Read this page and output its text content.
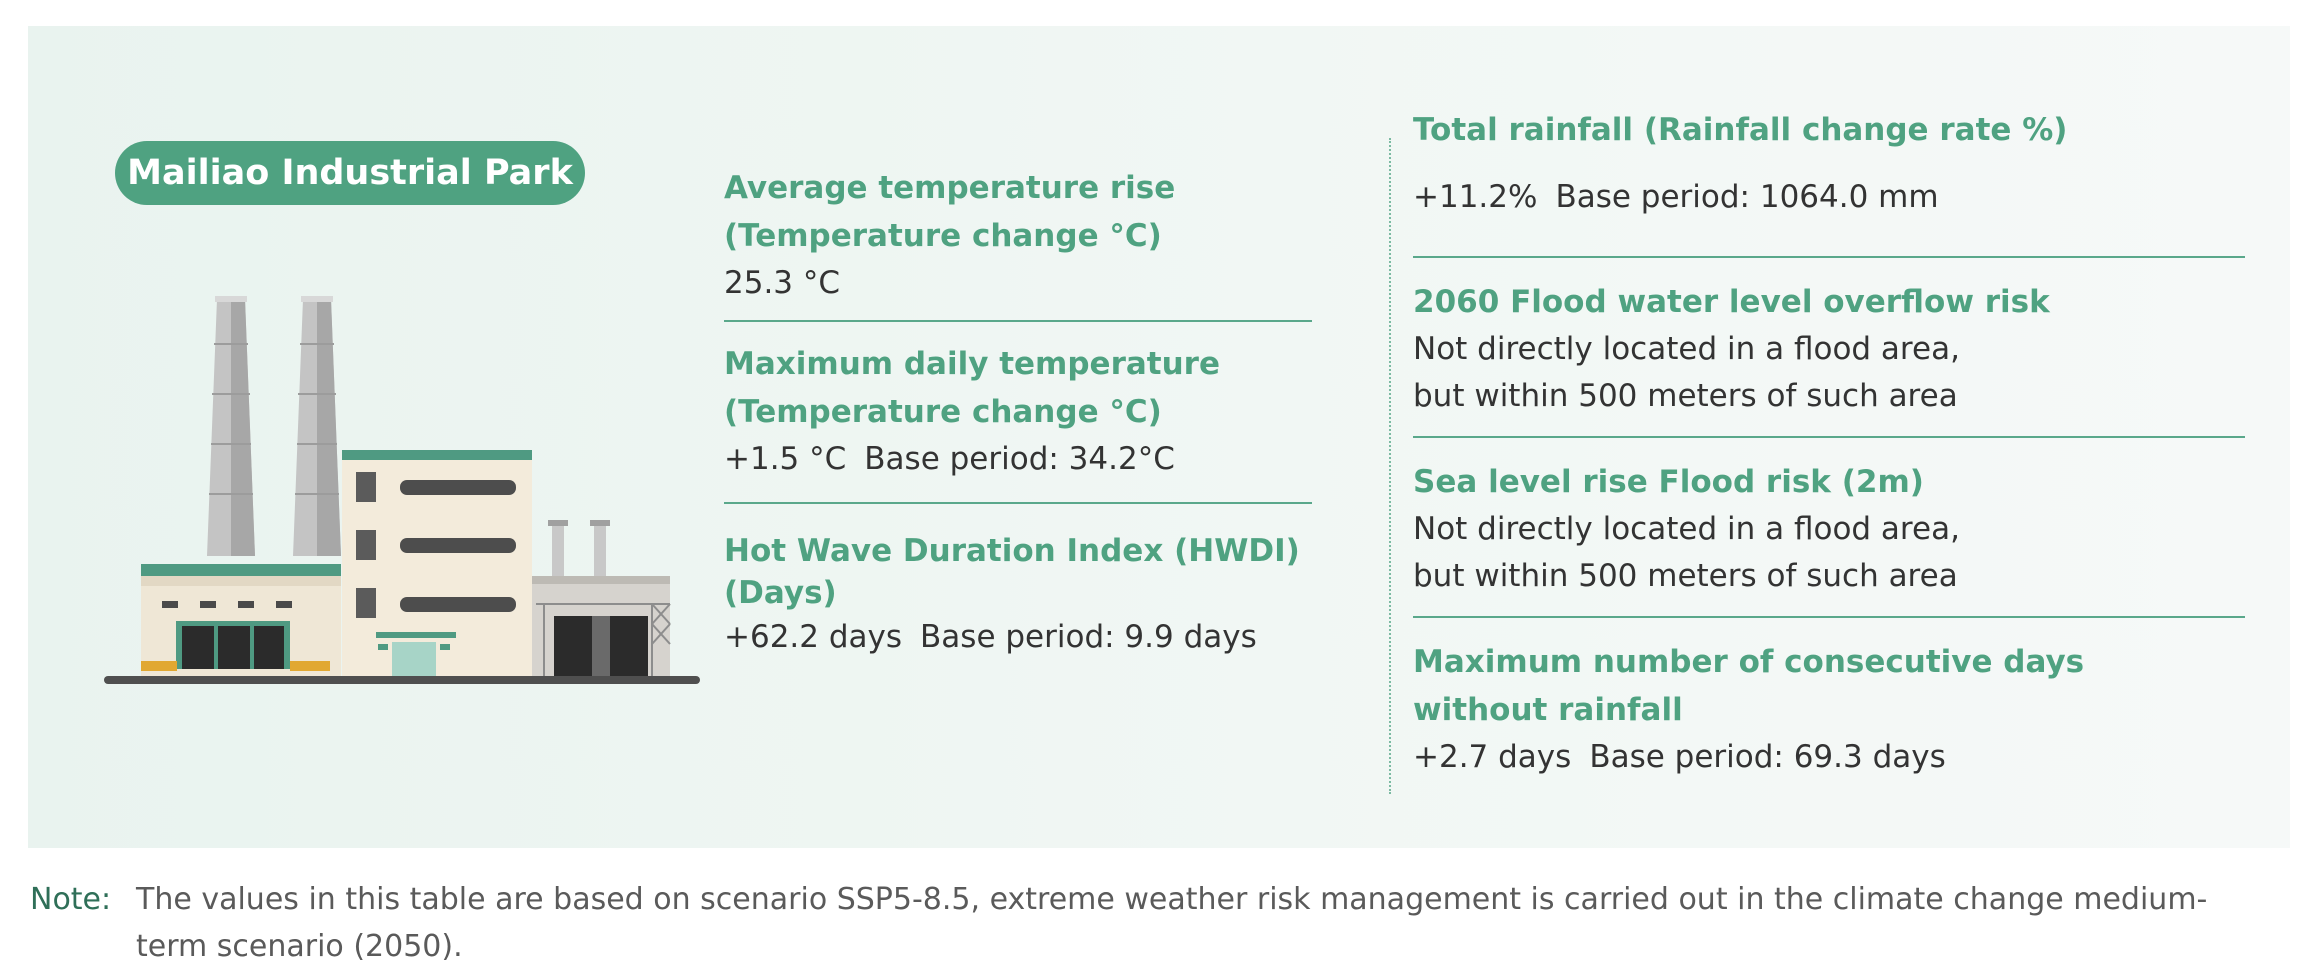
Mailiao Industrial Park	Average temperature rise
(Temperature change °C)
25.3 °C
Maximum daily temperature
(Temperature change °C)
+1.5 °C Base period: 34.2°C
Hot Wave Duration Index (HWDI)
(Days)
+62.2 days Base period: 9.9 days
Total rainfall (Rainfall change rate %)
+11.2% Base period: 1064.0 mm
2060 Flood water level overflow risk
Not directly located in a flood area,
but within 500 meters of such area
Sea level rise Flood risk (2m)
Not directly located in a flood area,
but within 500 meters of such area
Maximum number of consecutive days
without rainfall
+2.7 days Base period: 69.3 days
Note: The values in this table are based on scenario SSP5-8.5, extreme weather risk management is carried out in the climate change medium-term scenario (2050).
